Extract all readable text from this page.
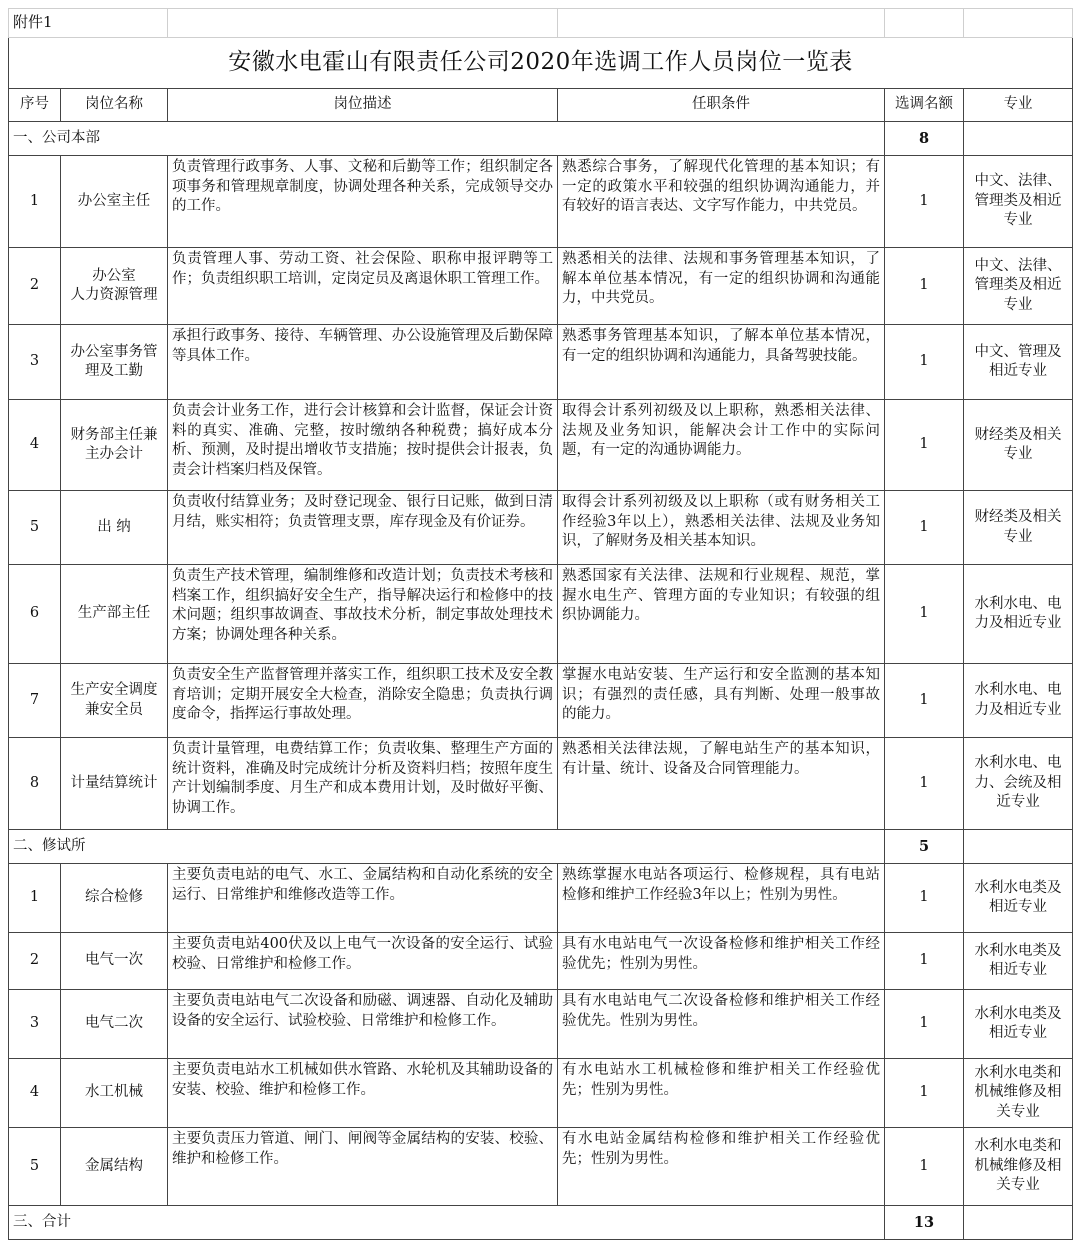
附件1					
安徽水电霍山有限责任公司2020年选调工作人员岗位一览表					
序号	岗位名称	岗位描述	任职条件	选调名额	专业
一、公司本部				8	
1	办公室主任	负责管理行政事务、人事、文秘和后勤等工作；组织制定各项事务和管理规章制度，协调处理各种关系，完成领导交办的工作。	熟悉综合事务，了解现代化管理的基本知识；有一定的政策水平和较强的组织协调沟通能力，并有较好的语言表达、文字写作能力，中共党员。	1	中文、法律、管理类及相近专业
2	办公室
人力资源管理	负责管理人事、劳动工资、社会保险、职称申报评聘等工作；负责组织职工培训，定岗定员及离退休职工管理工作。	熟悉相关的法律、法规和事务管理基本知识，了解本单位基本情况，有一定的组织协调和沟通能力，中共党员。	1	中文、法律、管理类及相近专业
3	办公室事务管理及工勤	承担行政事务、接待、车辆管理、办公设施管理及后勤保障等具体工作。	熟悉事务管理基本知识，了解本单位基本情况，有一定的组织协调和沟通能力，具备驾驶技能。	1	中文、管理及相近专业
4	财务部主任兼主办会计	负责会计业务工作，进行会计核算和会计监督，保证会计资料的真实、准确、完整，按时缴纳各种税费；搞好成本分析、预测，及时提出增收节支措施；按时提供会计报表，负责会计档案归档及保管。	取得会计系列初级及以上职称，熟悉相关法律、法规及业务知识，能解决会计工作中的实际问题，有一定的沟通协调能力。	1	财经类及相关专业
5	出 纳	负责收付结算业务；及时登记现金、银行日记账，做到日清月结，账实相符；负责管理支票，库存现金及有价证券。	取得会计系列初级及以上职称（或有财务相关工作经验3年以上），熟悉相关法律、法规及业务知识，了解财务及相关基本知识。	1	财经类及相关专业
6	生产部主任	负责生产技术管理，编制维修和改造计划；负责技术考核和档案工作，组织搞好安全生产，指导解决运行和检修中的技术问题；组织事故调查、事故技术分析，制定事故处理技术方案；协调处理各种关系。	熟悉国家有关法律、法规和行业规程、规范，掌握水电生产、管理方面的专业知识；有较强的组织协调能力。	1	水利水电、电力及相近专业
7	生产安全调度兼安全员	负责安全生产监督管理并落实工作，组织职工技术及安全教育培训；定期开展安全大检查，消除安全隐患；负责执行调度命令，指挥运行事故处理。	掌握水电站安装、生产运行和安全监测的基本知识；有强烈的责任感，具有判断、处理一般事故的能力。	1	水利水电、电力及相近专业
8	计量结算统计	负责计量管理，电费结算工作；负责收集、整理生产方面的统计资料，准确及时完成统计分析及资料归档；按照年度生产计划编制季度、月生产和成本费用计划，及时做好平衡、协调工作。	熟悉相关法律法规，了解电站生产的基本知识，有计量、统计、设备及合同管理能力。	1	水利水电、电力、会统及相近专业
二、修试所				5	
1	综合检修	主要负责电站的电气、水工、金属结构和自动化系统的安全运行、日常维护和维修改造等工作。	熟练掌握水电站各项运行、检修规程，具有电站检修和维护工作经验3年以上；性别为男性。	1	水利水电类及相近专业
2	电气一次	主要负责电站400伏及以上电气一次设备的安全运行、试验校验、日常维护和检修工作。	具有水电站电气一次设备检修和维护相关工作经验优先；性别为男性。	1	水利水电类及相近专业
3	电气二次	主要负责电站电气二次设备和励磁、调速器、自动化及辅助设备的安全运行、试验校验、日常维护和检修工作。	具有水电站电气二次设备检修和维护相关工作经验优先。性别为男性。	1	水利水电类及相近专业
4	水工机械	主要负责电站水工机械如供水管路、水轮机及其辅助设备的安装、校验、维护和检修工作。	有水电站水工机械检修和维护相关工作经验优先；性别为男性。	1	水利水电类和机械维修及相关专业
5	金属结构	主要负责压力管道、闸门、闸阀等金属结构的安装、校验、维护和检修工作。	有水电站金属结构检修和维护相关工作经验优先；性别为男性。	1	水利水电类和机械维修及相关专业
三、合计				13	
